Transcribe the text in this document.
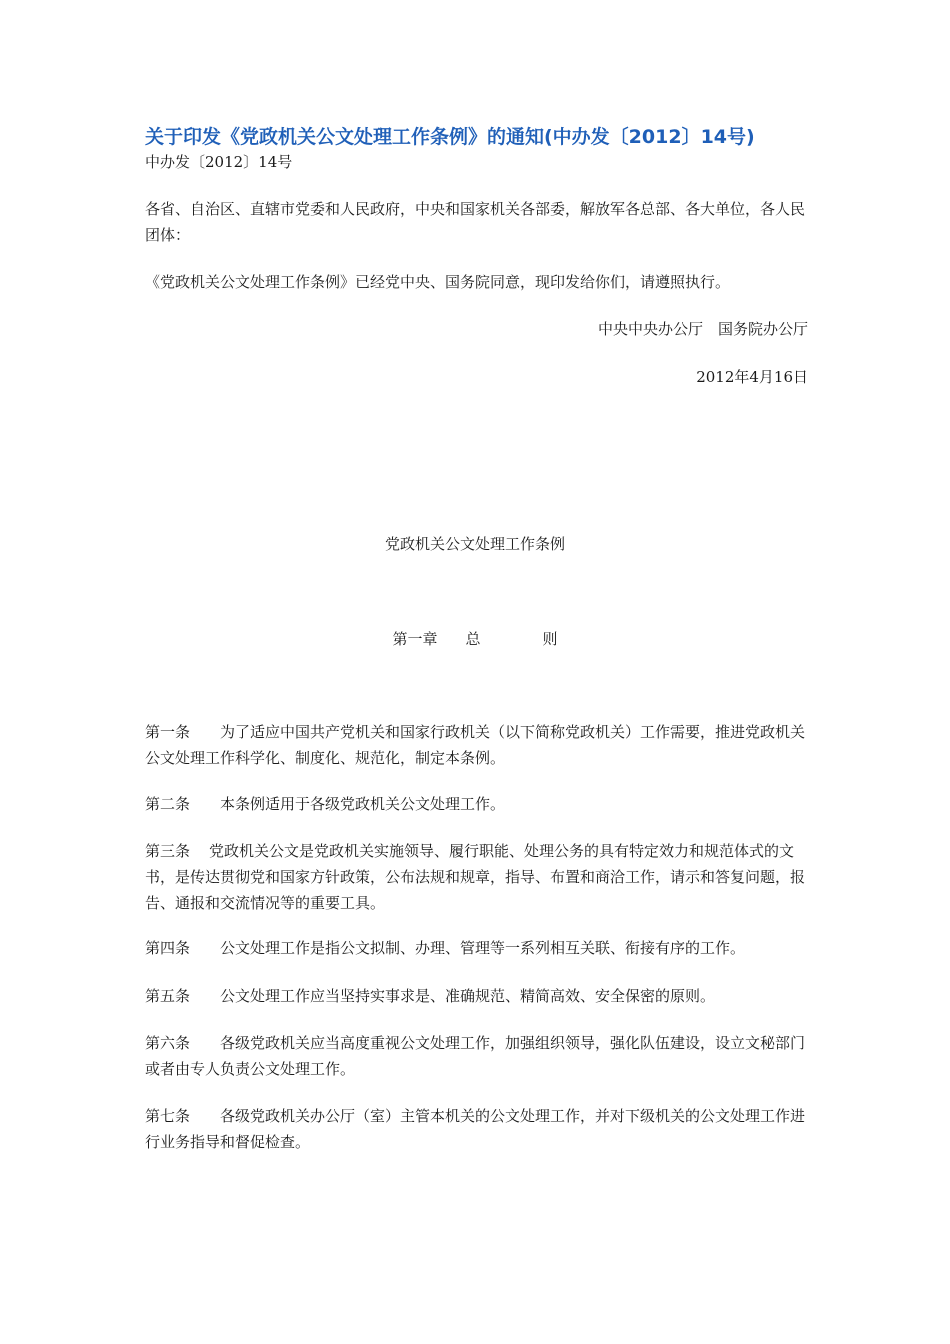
关于印发《党政机关公文处理工作条例》的通知(中办发〔2012〕14号)
中办发〔2012〕14号
各省、自治区、直辖市党委和人民政府，中央和国家机关各部委，解放军各总部、各大单位，各人民团体：
《党政机关公文处理工作条例》已经党中央、国务院同意，现印发给你们，请遵照执行。
中央中央办公厅　国务院办公厅
2012年4月16日
党政机关公文处理工作条例
第一章 总	则
第一条 为了适应中国共产党机关和国家行政机关（以下简称党政机关）工作需要，推进党政机关公文处理工作科学化、制度化、规范化，制定本条例。
第二条 本条例适用于各级党政机关公文处理工作。
第三条 党政机关公文是党政机关实施领导、履行职能、处理公务的具有特定效力和规范体式的文书，是传达贯彻党和国家方针政策，公布法规和规章，指导、布置和商洽工作，请示和答复问题，报告、通报和交流情况等的重要工具。
第四条 公文处理工作是指公文拟制、办理、管理等一系列相互关联、衔接有序的工作。
第五条 公文处理工作应当坚持实事求是、准确规范、精简高效、安全保密的原则。
第六条 各级党政机关应当高度重视公文处理工作，加强组织领导，强化队伍建设，设立文秘部门或者由专人负责公文处理工作。
第七条 各级党政机关办公厅（室）主管本机关的公文处理工作，并对下级机关的公文处理工作进行业务指导和督促检查。
